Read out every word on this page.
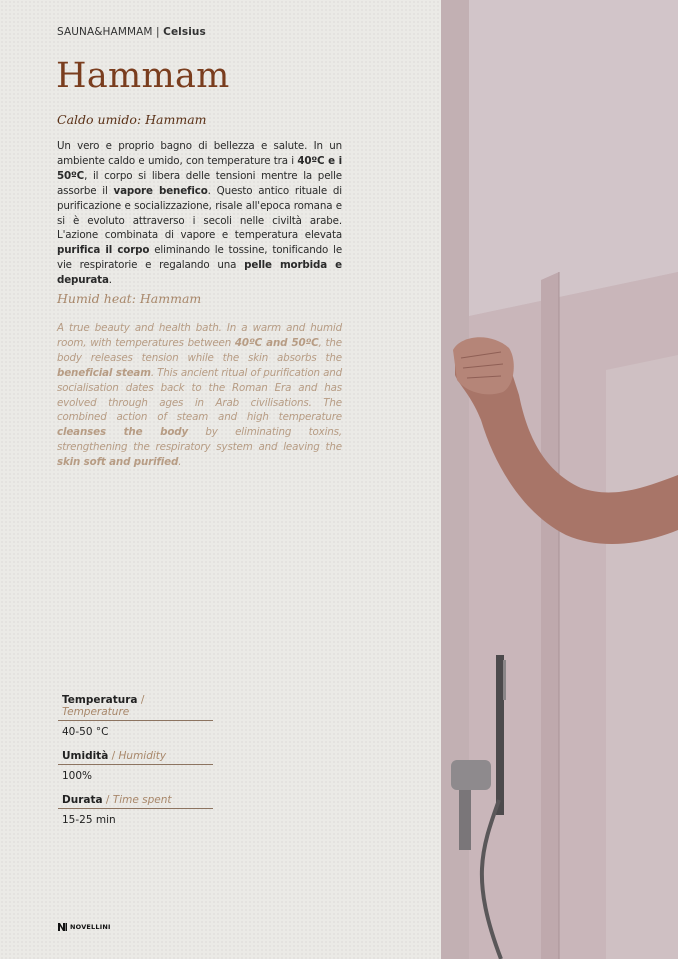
SAUNA&HAMMAM | Celsius
Hammam
Caldo umido: Hammam

Un vero e proprio bagno di bellezza e salute. In un ambiente caldo e umido, con temperature tra i 40ºC e i 50ºC, il corpo si libera delle tensioni mentre la pelle assorbe il vapore benefico. Questo antico rituale di purificazione e socializzazione, risale all'epoca romana e si è evoluto attraverso i secoli nelle civiltà arabe. L'azione combinata di vapore e temperatura elevata purifica il corpo eliminando le tossine, tonificando le vie respiratorie e regalando una pelle morbida e depurata.

Humid heat: Hammam

A true beauty and health bath. In a warm and humid room, with temperatures between 40ºC and 50ºC, the body releases tension while the skin absorbs the beneficial steam. This ancient ritual of purification and socialisation dates back to the Roman Era and has evolved through ages in Arab civilisations. The combined action of steam and high temperature cleanses the body by eliminating toxins, strengthening the respiratory system and leaving the skin soft and purified.

Temperatura / Temperature
40-50 °C
Umidità / Humidity
100%
Durata / Time spent
15-25 min
NOVELLINI
